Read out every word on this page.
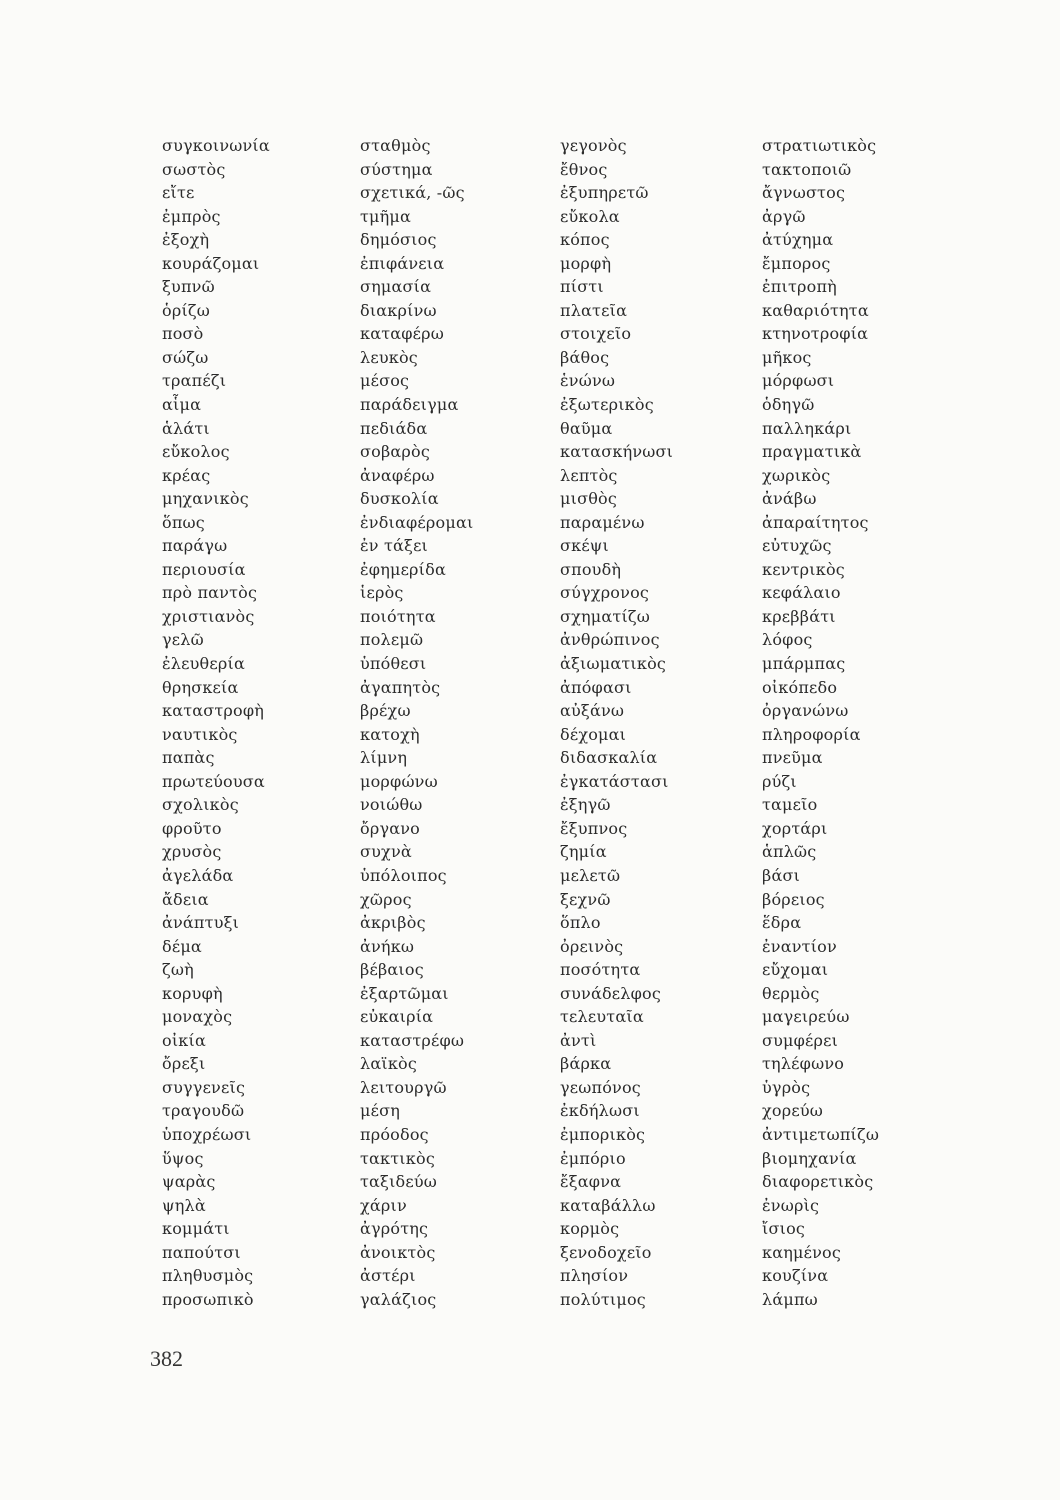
συγκοινωνία
σωστὸς
εἴτε
ἐμπρὸς
ἐξοχὴ
κουράζομαι
ξυπνῶ
ὁρίζω
ποσὸ
σώζω
τραπέζι
αἷμα
ἁλάτι
εὔκολος
κρέας
μηχανικὸς
ὅπως
παράγω
περιουσία
πρὸ παντὸς
χριστιανὸς
γελῶ
ἐλευθερία
θρησκεία
καταστροφὴ
ναυτικὸς
παπὰς
πρωτεύουσα
σχολικὸς
φροῦτο
χρυσὸς
ἀγελάδα
ἄδεια
ἀνάπτυξι
δέμα
ζωὴ
κορυφὴ
μοναχὸς
οἰκία
ὄρεξι
συγγενεῖς
τραγουδῶ
ὑποχρέωσι
ὕψος
ψαρὰς
ψηλὰ
κομμάτι
παπούτσι
πληθυσμὸς
προσωπικὸ
σταθμὸς
σύστημα
σχετικά, -ῶς
τμῆμα
δημόσιος
ἐπιφάνεια
σημασία
διακρίνω
καταφέρω
λευκὸς
μέσος
παράδειγμα
πεδιάδα
σοβαρὸς
ἀναφέρω
δυσκολία
ἐνδιαφέρομαι
ἐν τάξει
ἐφημερίδα
ἱερὸς
ποιότητα
πολεμῶ
ὑπόθεσι
ἀγαπητὸς
βρέχω
κατοχὴ
λίμνη
μορφώνω
νοιώθω
ὄργανο
συχνὰ
ὑπόλοιπος
χῶρος
ἀκριβὸς
ἀνήκω
βέβαιος
ἐξαρτῶμαι
εὐκαιρία
καταστρέφω
λαϊκὸς
λειτουργῶ
μέση
πρόοδος
τακτικὸς
ταξιδεύω
χάριν
ἀγρότης
ἀνοικτὸς
ἀστέρι
γαλάζιος
γεγονὸς
ἔθνος
ἐξυπηρετῶ
εὔκολα
κόπος
μορφὴ
πίστι
πλατεῖα
στοιχεῖο
βάθος
ἑνώνω
ἐξωτερικὸς
θαῦμα
κατασκήνωσι
λεπτὸς
μισθὸς
παραμένω
σκέψι
σπουδὴ
σύγχρονος
σχηματίζω
ἀνθρώπινος
ἀξιωματικὸς
ἀπόφασι
αὐξάνω
δέχομαι
διδασκαλία
ἐγκατάστασι
ἐξηγῶ
ἔξυπνος
ζημία
μελετῶ
ξεχνῶ
ὅπλο
ὀρεινὸς
ποσότητα
συνάδελφος
τελευταῖα
ἀντὶ
βάρκα
γεωπόνος
ἐκδήλωσι
ἐμπορικὸς
ἐμπόριο
ἔξαφνα
καταβάλλω
κορμὸς
ξενοδοχεῖο
πλησίον
πολύτιμος
στρατιωτικὸς
τακτοποιῶ
ἄγνωστος
ἀργῶ
ἀτύχημα
ἔμπορος
ἐπιτροπὴ
καθαριότητα
κτηνοτροφία
μῆκος
μόρφωσι
ὁδηγῶ
παλληκάρι
πραγματικὰ
χωρικὸς
ἀνάβω
ἀπαραίτητος
εὐτυχῶς
κεντρικὸς
κεφάλαιο
κρεββάτι
λόφος
μπάρμπας
οἰκόπεδο
ὀργανώνω
πληροφορία
πνεῦμα
ρύζι
ταμεῖο
χορτάρι
ἁπλῶς
βάσι
βόρειος
ἕδρα
ἐναντίον
εὔχομαι
θερμὸς
μαγειρεύω
συμφέρει
τηλέφωνο
ὑγρὸς
χορεύω
ἀντιμετωπίζω
βιομηχανία
διαφορετικὸς
ἐνωρὶς
ἴσιος
καημένος
κουζίνα
λάμπω
382
